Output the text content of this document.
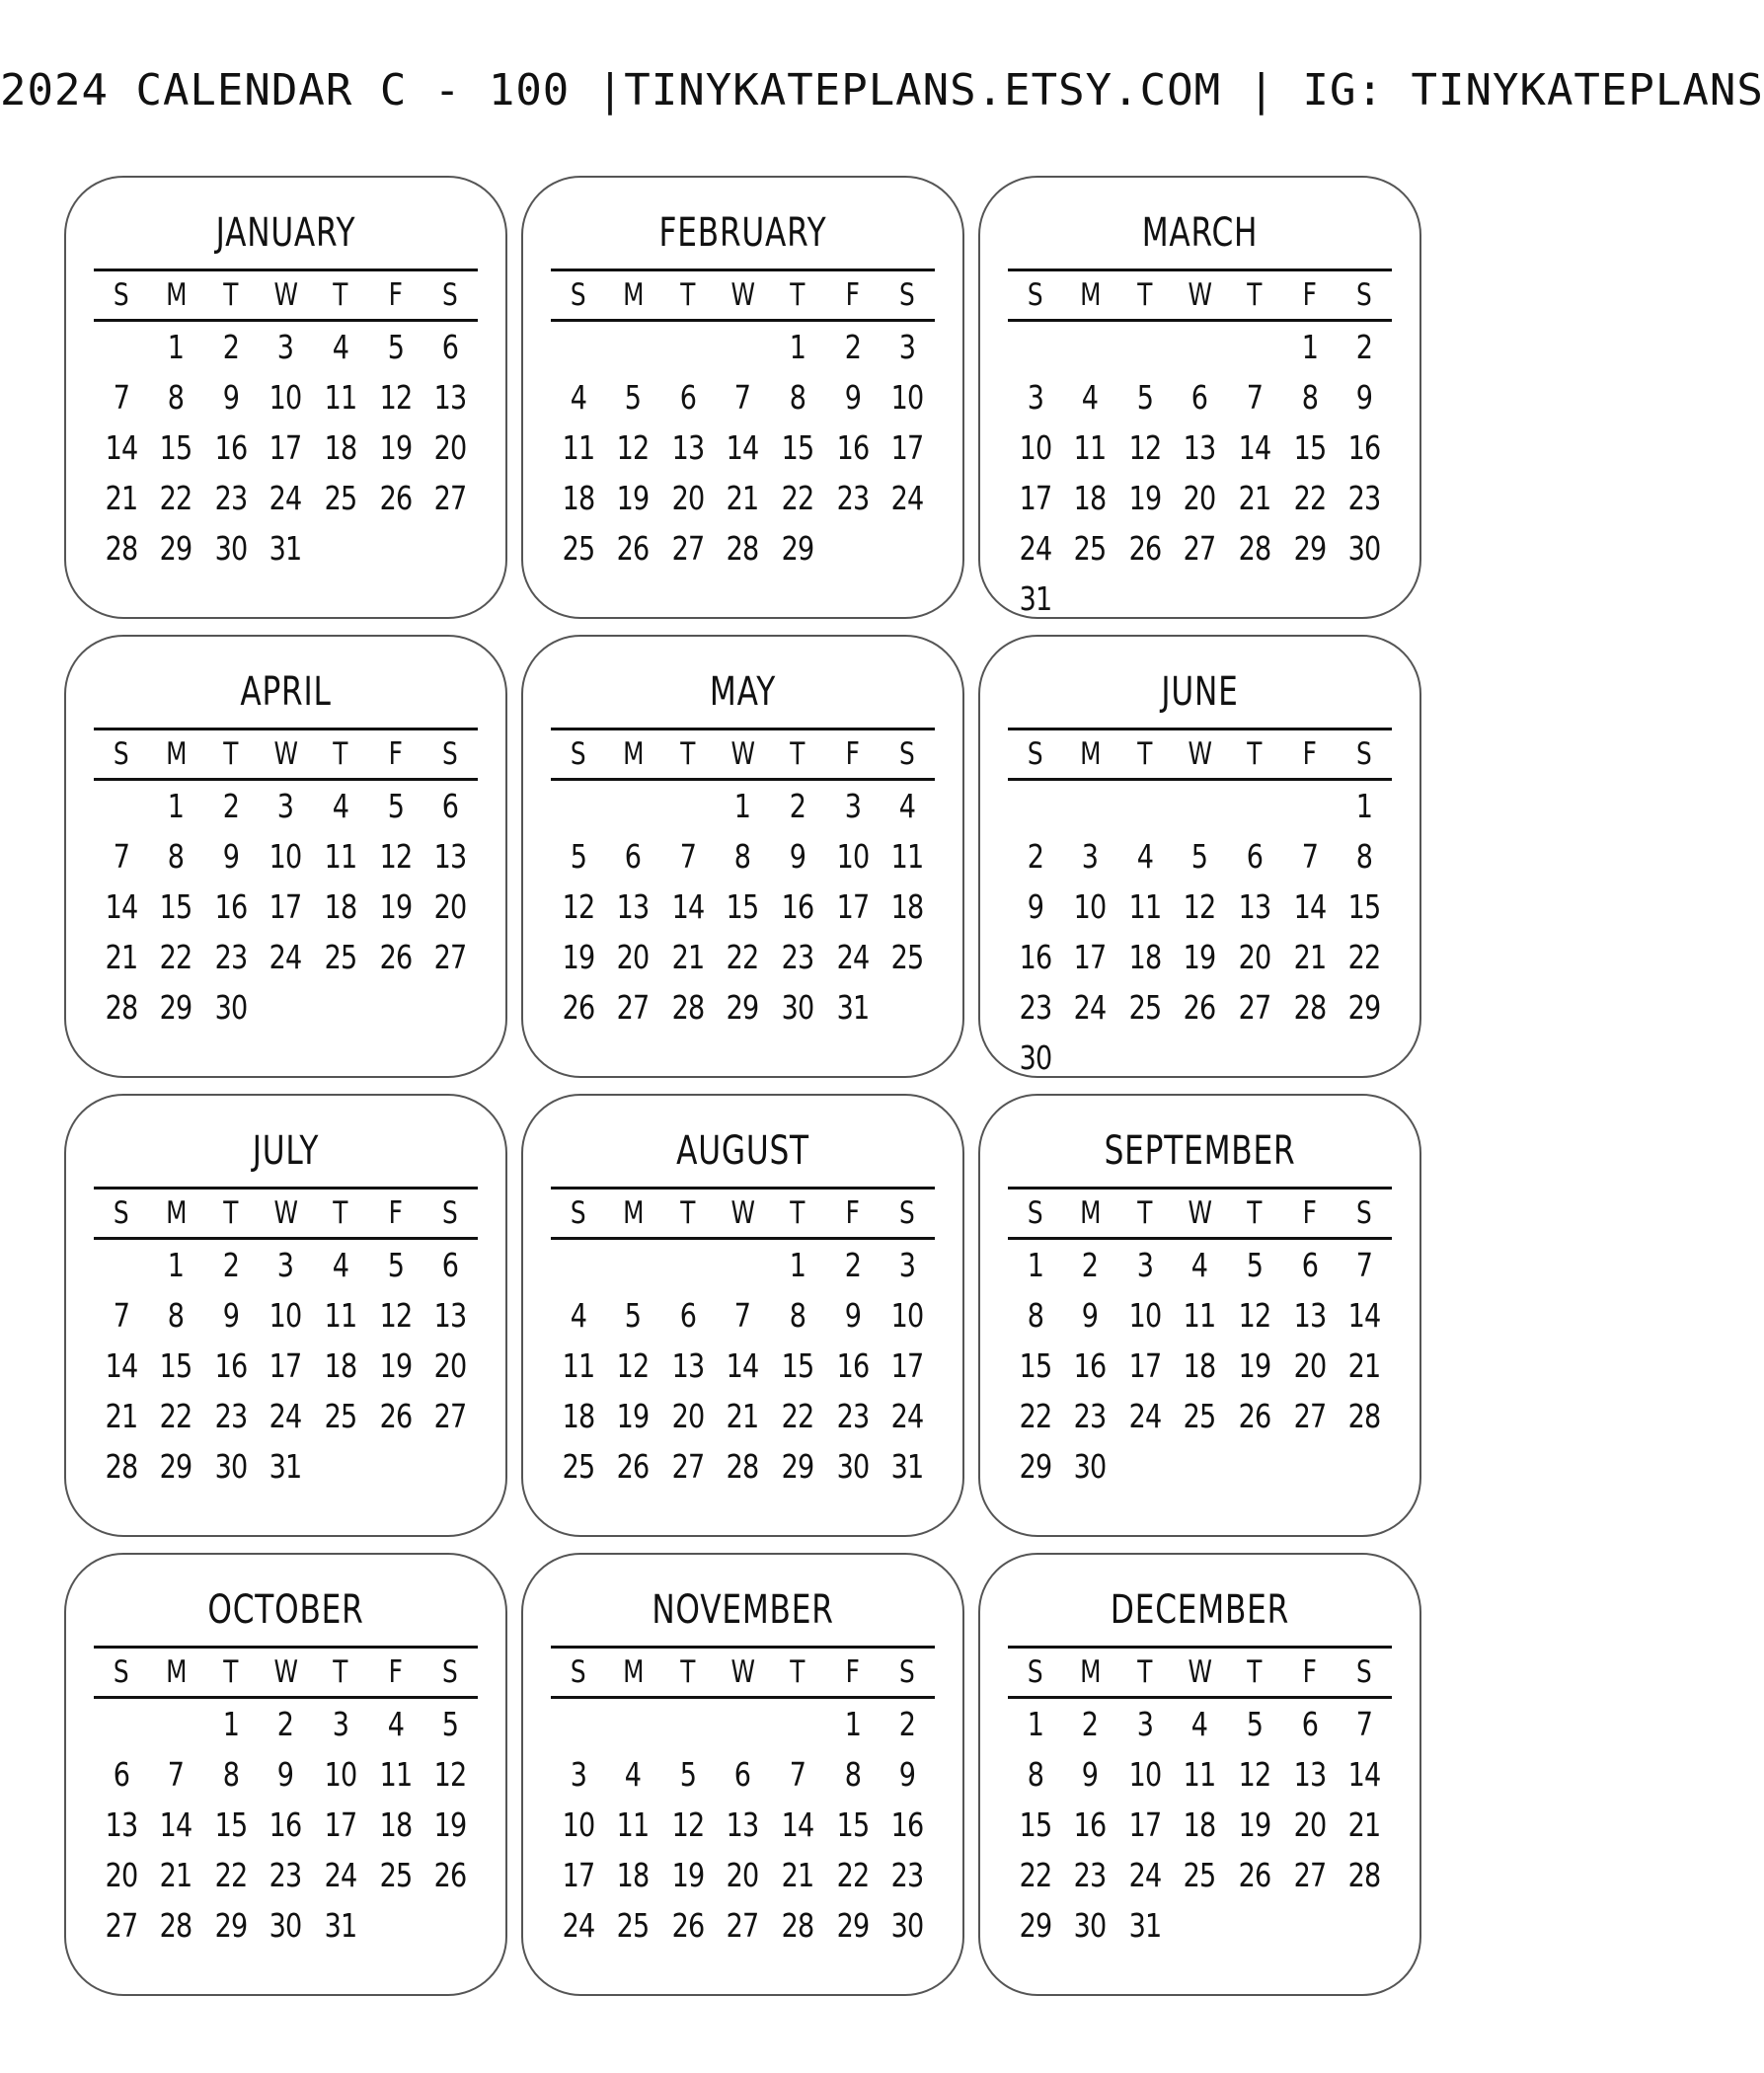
2024 CALENDAR C - 100 |TINYKATEPLANS.ETSY.COM | IG: TINYKATEPLANS
JANUARY
S	M	T	W	T	F	S
	1	2	3	4	5	6
7	8	9	10	11	12	13
14	15	16	17	18	19	20
21	22	23	24	25	26	27
28	29	30	31			
FEBRUARY
S	M	T	W	T	F	S
				1	2	3
4	5	6	7	8	9	10
11	12	13	14	15	16	17
18	19	20	21	22	23	24
25	26	27	28	29		
MARCH
S	M	T	W	T	F	S
					1	2
3	4	5	6	7	8	9
10	11	12	13	14	15	16
17	18	19	20	21	22	23
24	25	26	27	28	29	30
31						
APRIL
S	M	T	W	T	F	S
	1	2	3	4	5	6
7	8	9	10	11	12	13
14	15	16	17	18	19	20
21	22	23	24	25	26	27
28	29	30				
MAY
S	M	T	W	T	F	S
			1	2	3	4
5	6	7	8	9	10	11
12	13	14	15	16	17	18
19	20	21	22	23	24	25
26	27	28	29	30	31	
JUNE
S	M	T	W	T	F	S
						1
2	3	4	5	6	7	8
9	10	11	12	13	14	15
16	17	18	19	20	21	22
23	24	25	26	27	28	29
30						
JULY
S	M	T	W	T	F	S
	1	2	3	4	5	6
7	8	9	10	11	12	13
14	15	16	17	18	19	20
21	22	23	24	25	26	27
28	29	30	31			
AUGUST
S	M	T	W	T	F	S
				1	2	3
4	5	6	7	8	9	10
11	12	13	14	15	16	17
18	19	20	21	22	23	24
25	26	27	28	29	30	31
SEPTEMBER
S	M	T	W	T	F	S
1	2	3	4	5	6	7
8	9	10	11	12	13	14
15	16	17	18	19	20	21
22	23	24	25	26	27	28
29	30					
OCTOBER
S	M	T	W	T	F	S
		1	2	3	4	5
6	7	8	9	10	11	12
13	14	15	16	17	18	19
20	21	22	23	24	25	26
27	28	29	30	31		
NOVEMBER
S	M	T	W	T	F	S
					1	2
3	4	5	6	7	8	9
10	11	12	13	14	15	16
17	18	19	20	21	22	23
24	25	26	27	28	29	30
DECEMBER
S	M	T	W	T	F	S
1	2	3	4	5	6	7
8	9	10	11	12	13	14
15	16	17	18	19	20	21
22	23	24	25	26	27	28
29	30	31				
